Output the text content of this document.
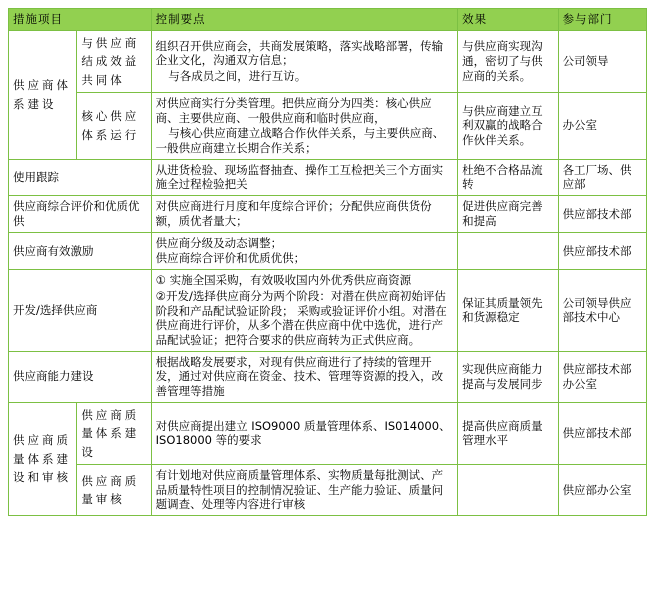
措施项目		控制要点	效果	参与部门
供应商体系建设	与供应商结成效益共同体	组织召开供应商会，共商发展策略，落实战略部署，传输企业文化，沟通双方信息；

与各成员之间，进行互访。	与供应商实现沟通，密切了与供应商的关系。	公司领导
	核心供应体系运行	对供应商实行分类管理。把供应商分为四类：核心供应商、主要供应商、一般供应商和临时供应商，

与核心供应商建立战略合作伙伴关系，与主要供应商、一般供应商建立长期合作关系；	与供应商建立互利双赢的战略合作伙伴关系。	办公室
使用跟踪		从进货检验、现场监督抽查、操作工互检把关三个方面实施全过程检验把关	杜绝不合格品流转	各工厂场、供应部
供应商综合评价和优质优供		对供应商进行月度和年度综合评价；分配供应商供货份额，质优者量大；	促进供应商完善和提高	供应部技术部
供应商有效激励		供应商分级及动态调整；

供应商综合评价和优质优供；		供应部技术部
开发/选择供应商		① 实施全国采购，有效吸收国内外优秀供应商资源

②开发/选择供应商分为两个阶段：对潜在供应商初始评估阶段和产品配试验证阶段； 采购或验证评价小组。对潜在供应商进行评价，从多个潜在供应商中优中选优，进行产品配试验证；把符合要求的供应商转为正式供应商。	保证其质量领先和货源稳定	公司领导供应部技术中心
供应商能力建设		根据战略发展要求，对现有供应商进行了持续的管理开发，通过对供应商在资金、技术、管理等资源的投入，改善管理等措施	实现供应商能力提高与发展同步	供应部技术部办公室
供应商质量体系建设和审核	供应商质量体系建设	对供应商提出建立 ISO9000 质量管理体系、IS014000、ISO18000 等的要求	提高供应商质量管理水平	供应部技术部
	供应商质量审核	有计划地对供应商质量管理体系、实物质量每批测试、产品质量特性项目的控制情况验证、生产能力验证、质量问题调查、处理等内容进行审核		供应部办公室
